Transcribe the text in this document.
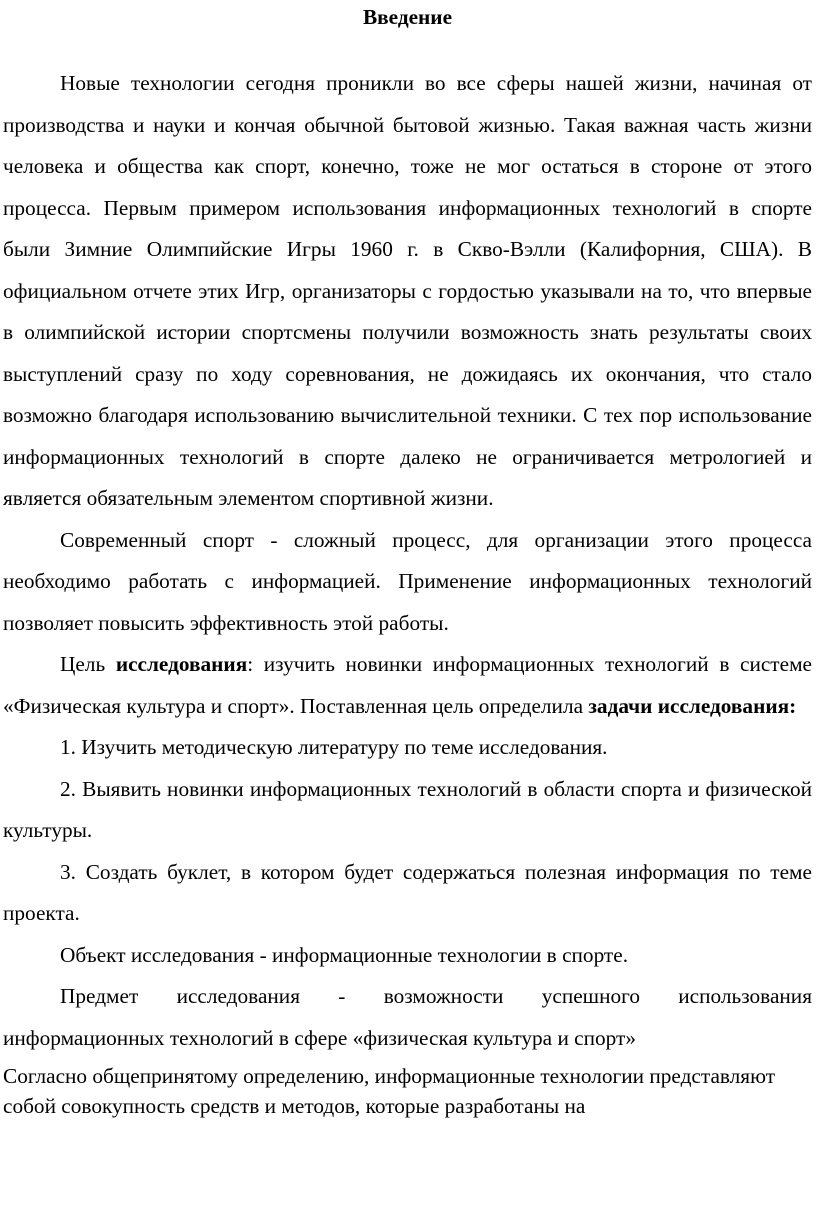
Введение

Новые технологии сегодня проникли во все сферы нашей жизни, начиная от производства и науки и кончая обычной бытовой жизнью. Такая важная часть жизни человека и общества как спорт, конечно, тоже не мог остаться в стороне от этого процесса. Первым примером использования информационных технологий в спорте были Зимние Олимпийские Игры 1960 г. в Скво-Вэлли (Калифорния, США). В официальном отчете этих Игр, организаторы с гордостью указывали на то, что впервые в олимпийской истории спортсмены получили возможность знать результаты своих выступлений сразу по ходу соревнования, не дожидаясь их окончания, что стало возможно благодаря использованию вычислительной техники. С тех пор использование информационных технологий в спорте далеко не ограничивается метрологией и является обязательным элементом спортивной жизни.

Современный спорт - сложный процесс, для организации этого процесса необходимо работать с информацией. Применение информационных технологий позволяет повысить эффективность этой работы.

Цель исследования: изучить новинки информационных технологий в системе «Физическая культура и спорт». Поставленная цель определила задачи исследования:

1. Изучить методическую литературу по теме исследования.

2. Выявить новинки информационных технологий в области спорта и физической культуры.

3. Создать буклет, в котором будет содержаться полезная информация по теме проекта.

Объект исследования - информационные технологии в спорте.

Предмет исследования - возможности успешного использования информационных технологий в сфере «физическая культура и спорт»

Согласно общепринятому определению, информационные технологии представляют собой совокупность средств и методов, которые разработаны на
